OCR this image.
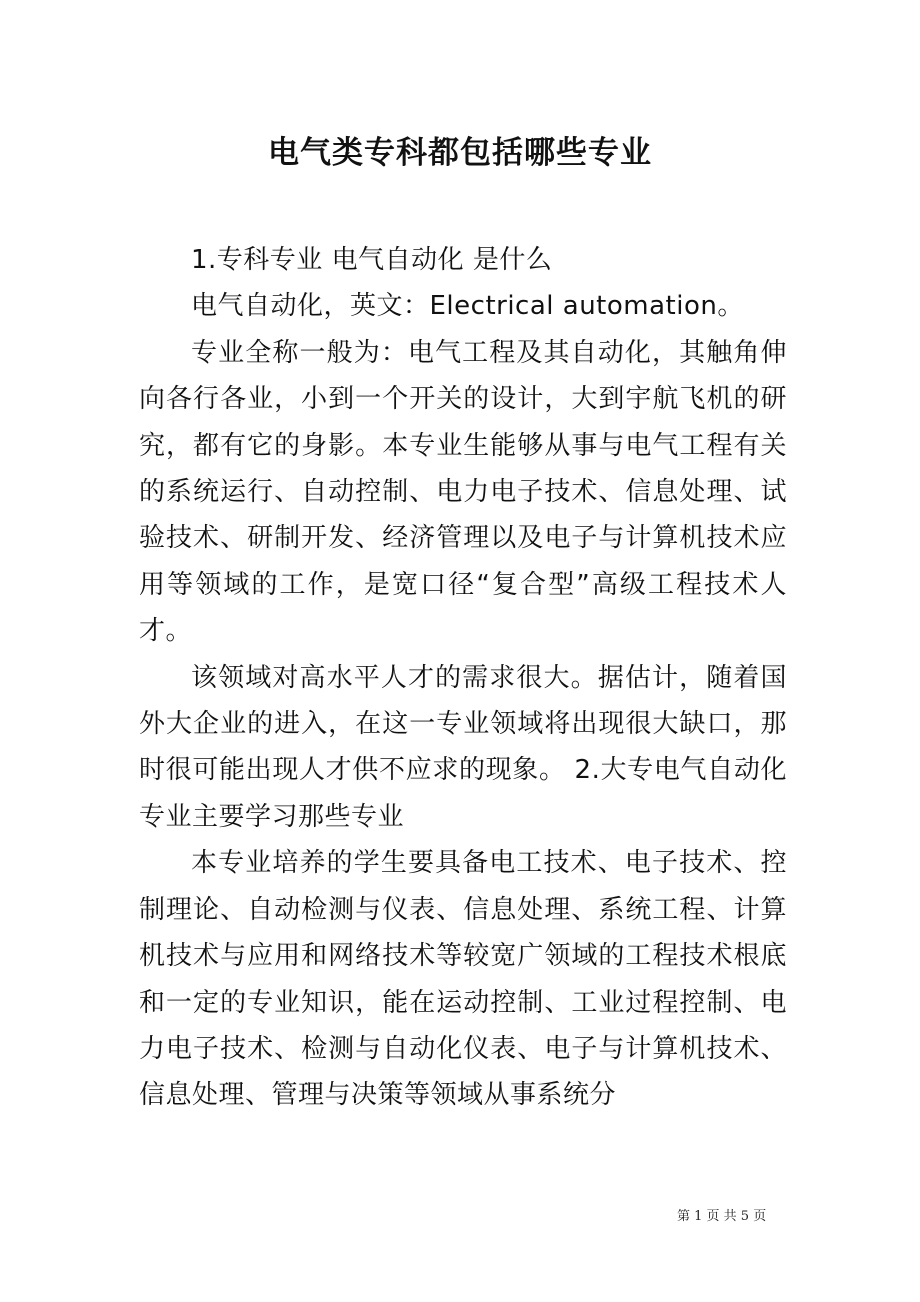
电气类专科都包括哪些专业

1.专科专业 电气自动化 是什么

电气自动化，英文：Electrical automation。

专业全称一般为：电气工程及其自动化，其触角伸向各行各业，小到一个开关的设计，大到宇航飞机的研究，都有它的身影。本专业生能够从事与电气工程有关的系统运行、自动控制、电力电子技术、信息处理、试验技术、研制开发、经济管理以及电子与计算机技术应用等领域的工作，是宽口径“复合型”高级工程技术人才。

该领域对高水平人才的需求很大。据估计，随着国外大企业的进入，在这一专业领域将出现很大缺口，那时很可能出现人才供不应求的现象。 2.大专电气自动化专业主要学习那些专业

本专业培养的学生要具备电工技术、电子技术、控制理论、自动检测与仪表、信息处理、系统工程、计算机技术与应用和网络技术等较宽广领域的工程技术根底和一定的专业知识，能在运动控制、工业过程控制、电力电子技术、检测与自动化仪表、电子与计算机技术、信息处理、管理与决策等领域从事系统分

第 1 页 共 5 页
